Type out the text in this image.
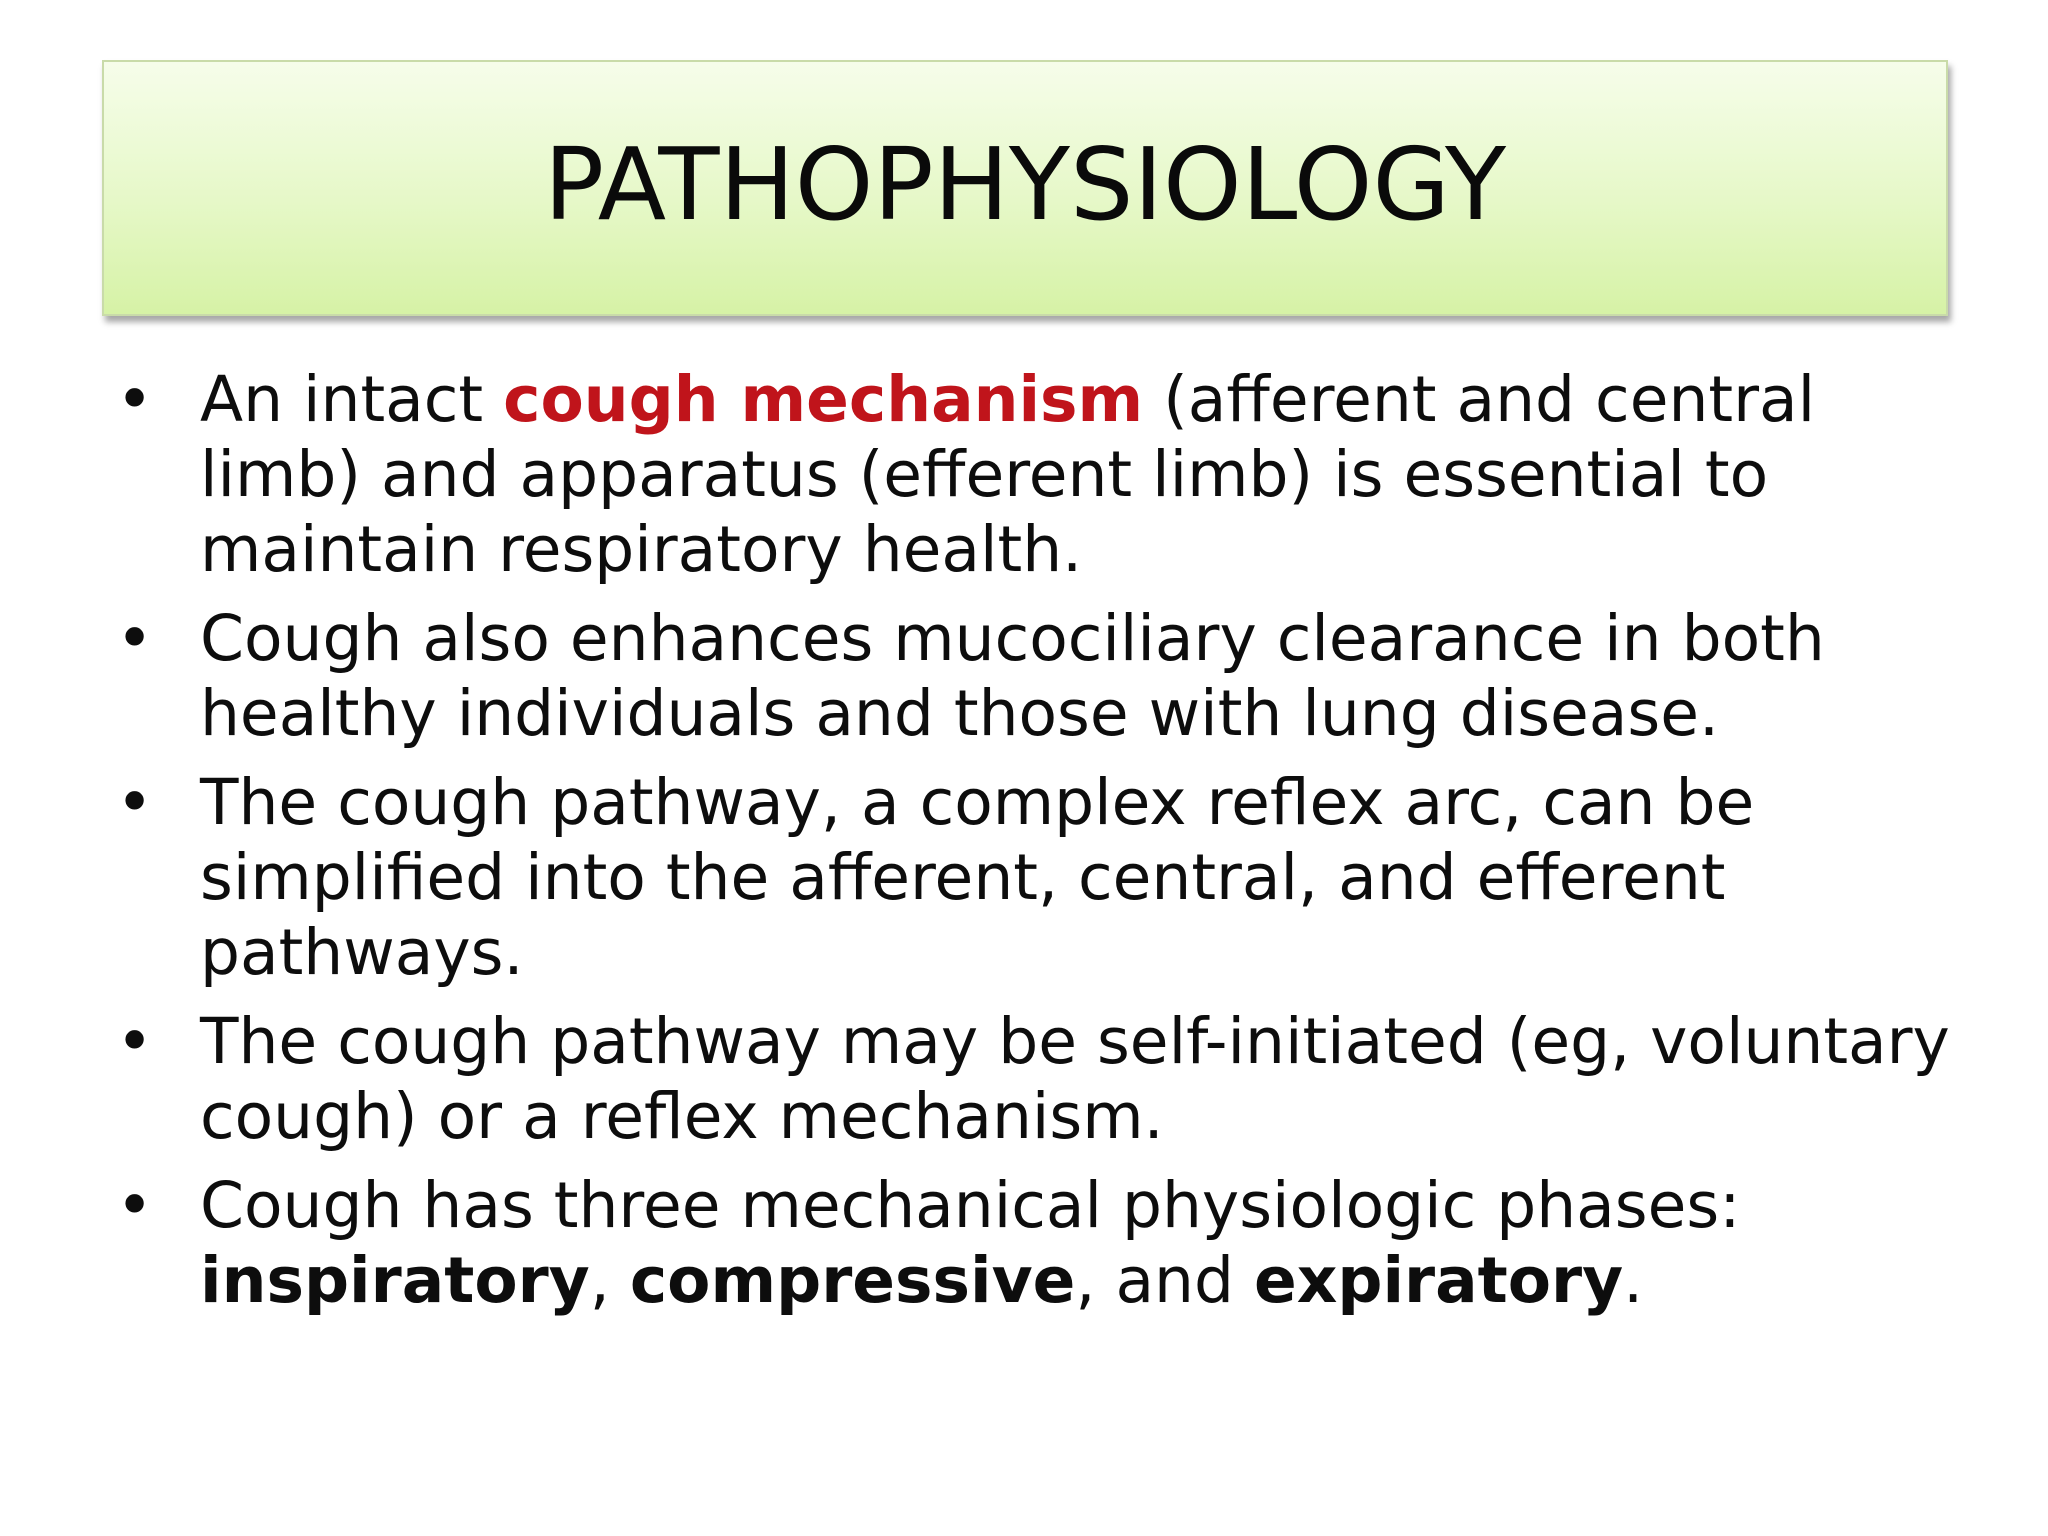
PATHOPHYSIOLOGY
• An intact cough mechanism (afferent and central limb) and apparatus (efferent limb) is essential to maintain respiratory health.
• Cough also enhances mucociliary clearance in both healthy individuals and those with lung disease.
• The cough pathway, a complex reflex arc, can be simplified into the afferent, central, and efferent pathways.
• The cough pathway may be self-initiated (eg, voluntary cough) or a reflex mechanism.
• Cough has three mechanical physiologic phases: inspiratory, compressive, and expiratory.
